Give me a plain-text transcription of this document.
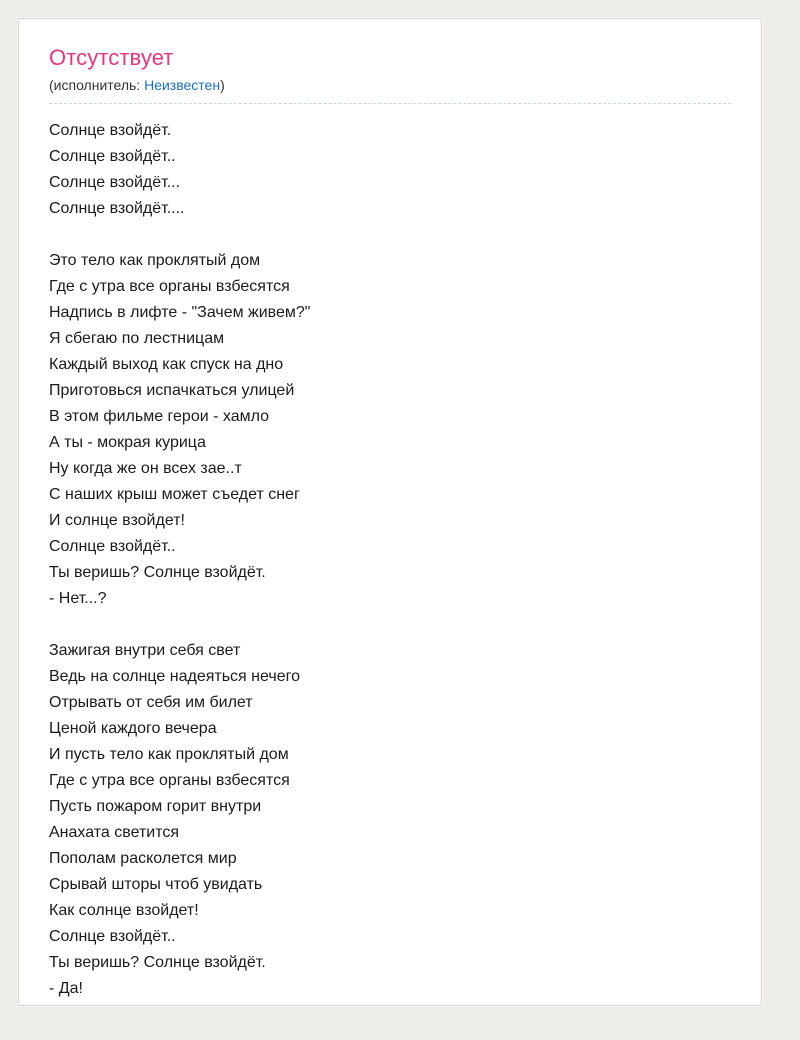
Отсутствует
(исполнитель: Неизвестен)
Солнце взойдёт.
Солнце взойдёт..
Солнце взойдёт...
Солнце взойдёт....
Это тело как проклятый дом
Где с утра все органы взбесятся
Надпись в лифте - "Зачем живем?"
Я сбегаю по лестницам
Каждый выход как спуск на дно
Приготовься испачкаться улицей
В этом фильме герои - хамло
А ты - мокрая курица
Ну когда же он всех зае..т
С наших крыш может съедет снег
И солнце взойдет!
Солнце взойдёт..
Ты веришь? Солнце взойдёт.
- Нет...?
Зажигая внутри себя свет
Ведь на солнце надеяться нечего
Отрывать от себя им билет
Ценой каждого вечера
И пусть тело как проклятый дом
Где с утра все органы взбесятся
Пусть пожаром горит внутри
Анахата светится
Пополам расколется мир
Срывай шторы чтоб увидать
Как солнце взойдет!
Солнце взойдёт..
Ты веришь? Солнце взойдёт.
- Да!
